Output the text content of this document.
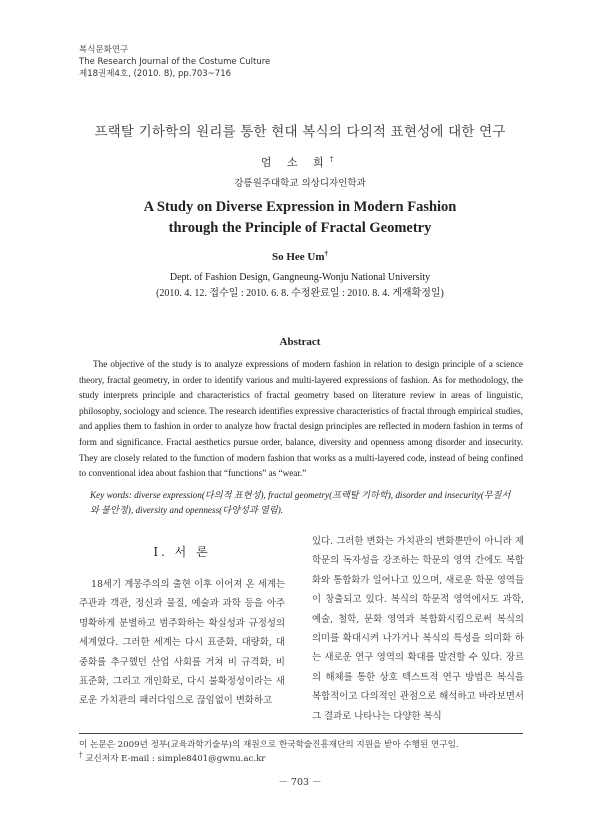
복식문화연구
The Research Journal of the Costume Culture
제18권제4호, (2010. 8), pp.703~716
프랙탈 기하학의 원리를 통한 현대 복식의 다의적 표현성에 대한 연구
엄 소 희†
강릉원주대학교 의상디자인학과
A Study on Diverse Expression in Modern Fashion
through the Principle of Fractal Geometry
So Hee Um†
Dept. of Fashion Design, Gangneung-Wonju National University
(2010. 4. 12. 접수일 : 2010. 6. 8. 수정완료일 : 2010. 8. 4. 게재확정일)
Abstract
The objective of the study is to analyze expressions of modern fashion in relation to design principle of a science theory, fractal geometry, in order to identify various and multi-layered expressions of fashion. As for methodology, the study interprets principle and characteristics of fractal geometry based on literature review in areas of linguistic, philosophy, sociology and science. The research identifies expressive characteristics of fractal through empirical studies, and applies them to fashion in order to analyze how fractal design principles are reflected in modern fashion in terms of form and significance. Fractal aesthetics pursue order, balance, diversity and openness among disorder and insecurity. They are closely related to the function of modern fashion that works as a multi-layered code, instead of being confined to conventional idea about fashion that “functions” as “wear.”
Key words: diverse expression(다의적 표현성), fractal geometry(프랙탈 기하학), disorder and insecurity(무질서와 불안정), diversity and openness(다양성과 열림).
Ⅰ. 서 론
18세기 계몽주의의 출현 이후 이어져 온 세계는 주관과 객관, 정신과 물질, 예술과 과학 등을 아주 명확하게 분별하고 범주화하는 확실성과 규정성의 세계였다. 그러한 세계는 다시 표준화, 대량화, 대중화를 추구했던 산업 사회를 거쳐 비 규격화, 비 표준화, 그리고 개인화로, 다시 불확정성이라는 새로운 가치관의 패러다임으로 끊임없이 변화하고
있다. 그러한 변화는 가치관의 변화뿐만이 아니라 제 학문의 독자성을 강조하는 학문의 영역 간에도 복합화와 통합화가 일어나고 있으며, 새로운 학문 영역들이 창출되고 있다. 복식의 학문적 영역에서도 과학, 예술, 철학, 문화 영역과 복합화시킴으로써 복식의 의미를 확대시켜 나가거나 복식의 특성을 의미화 하는 새로운 연구 영역의 확대를 발견할 수 있다. 장르의 해체를 통한 상호 텍스트적 연구 방법은 복식을 복합적이고 다의적인 관점으로 해석하고 바라보면서 그 결과로 나타나는 다양한 복식
이 논문은 2009년 정부(교육과학기술부)의 재원으로 한국학술진흥재단의 지원을 받아 수행된 연구임.
† 교신저자 E-mail : simple8401@gwnu.ac.kr
－ 703 －
